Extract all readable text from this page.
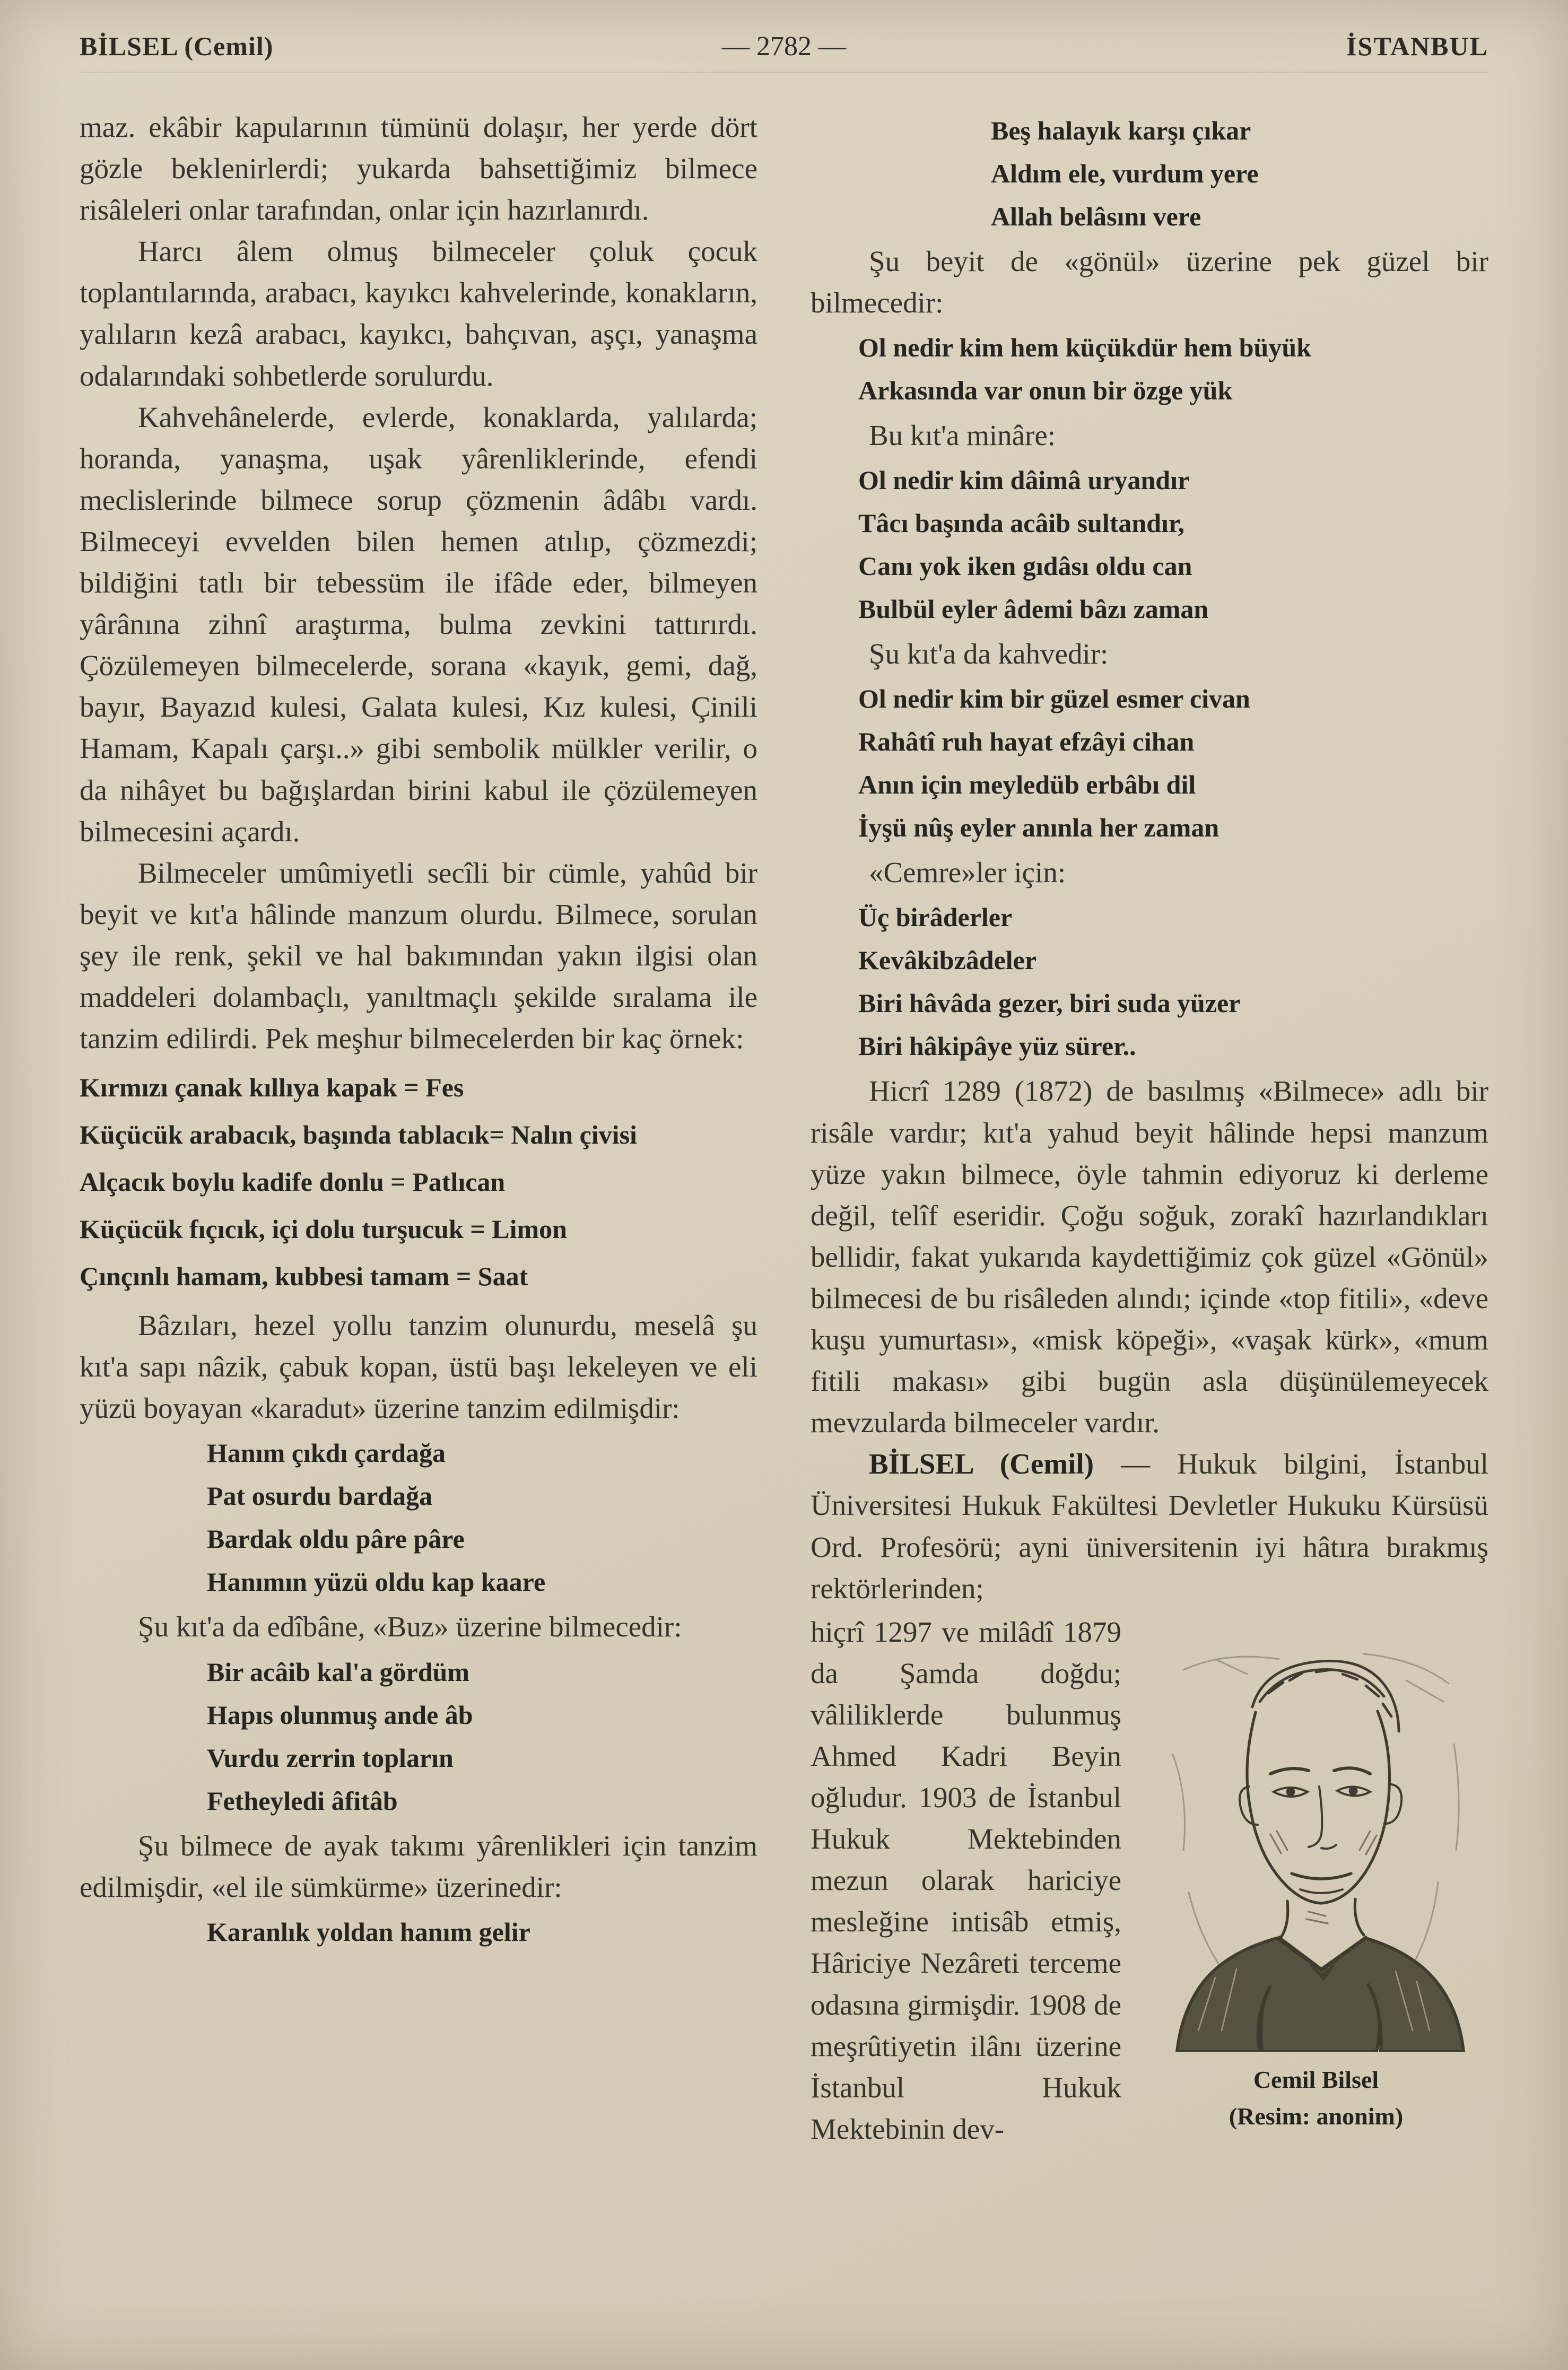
BİLSEL (Cemil)	— 2782 —	İSTANBUL

maz. ekâbir kapularının tümünü dolaşır, her yerde dört gözle beklenirlerdi; yukarda bahsettiğimiz bilmece risâleleri onlar tarafından, onlar için hazırlanırdı.

Harcı âlem olmuş bilmeceler çoluk çocuk toplantılarında, arabacı, kayıkcı kahvelerinde, konakların, yalıların kezâ arabacı, kayıkcı, bahçıvan, aşçı, yanaşma odalarındaki sohbetlerde sorulurdu.

Kahvehânelerde, evlerde, konaklarda, yalılarda; horanda, yanaşma, uşak yârenliklerinde, efendi meclislerinde bilmece sorup çözmenin âdâbı vardı. Bilmeceyi evvelden bilen hemen atılıp, çözmezdi; bildiğini tatlı bir tebessüm ile ifâde eder, bilmeyen yârânına zihnî araştırma, bulma zevkini tattırırdı. Çözülemeyen bilmecelerde, sorana «kayık, gemi, dağ, bayır, Bayazıd kulesi, Galata kulesi, Kız kulesi, Çinili Hamam, Kapalı çarşı..» gibi sembolik mülkler verilir, o da nihâyet bu bağışlardan birini kabul ile çözülemeyen bilmecesini açardı.

Bilmeceler umûmiyetli secîli bir cümle, yahûd bir beyit ve kıt'a hâlinde manzum olurdu. Bilmece, sorulan şey ile renk, şekil ve hal bakımından yakın ilgisi olan maddeleri dolambaçlı, yanıltmaçlı şekilde sıralama ile tanzim edilirdi. Pek meşhur bilmecelerden bir kaç örnek:

Kırmızı çanak kıllıya kapak = Fes

Küçücük arabacık, başında tablacık= Nalın çivisi

Alçacık boylu kadife donlu = Patlıcan

Küçücük fıçıcık, içi dolu turşucuk = Limon

Çınçınlı hamam, kubbesi tamam = Saat

Bâzıları, hezel yollu tanzim olunurdu, meselâ şu kıt'a sapı nâzik, çabuk kopan, üstü başı lekeleyen ve eli yüzü boyayan «karadut» üzerine tanzim edilmişdir:

Hanım çıkdı çardağa

Pat osurdu bardağa

Bardak oldu pâre pâre

Hanımın yüzü oldu kap kaare

Şu kıt'a da edîbâne, «Buz» üzerine bilmecedir:

Bir acâib kal'a gördüm

Hapıs olunmuş ande âb

Vurdu zerrin topların

Fetheyledi âfitâb

Şu bilmece de ayak takımı yârenlikleri için tanzim edilmişdir, «el ile sümkürme» üzerinedir:

Karanlık yoldan hanım gelir

Beş halayık karşı çıkar

Aldım ele, vurdum yere

Allah belâsını vere

Şu beyit de «gönül» üzerine pek güzel bir bilmecedir:

Ol nedir kim hem küçükdür hem büyük

Arkasında var onun bir özge yük

Bu kıt'a minâre:

Ol nedir kim dâimâ uryandır

Tâcı başında acâib sultandır,

Canı yok iken gıdâsı oldu can

Bulbül eyler âdemi bâzı zaman

Şu kıt'a da kahvedir:

Ol nedir kim bir güzel esmer civan

Rahâtî ruh hayat efzâyi cihan

Anın için meyledüb erbâbı dil

İyşü nûş eyler anınla her zaman

«Cemre»ler için:

Üç birâderler

Kevâkibzâdeler

Biri hâvâda gezer, biri suda yüzer

Biri hâkipâye yüz sürer..

Hicrî 1289 (1872) de basılmış «Bilmece» adlı bir risâle vardır; kıt'a yahud beyit hâlinde hepsi manzum yüze yakın bilmece, öyle tahmin ediyoruz ki derleme değil, telîf eseridir. Çoğu soğuk, zorakî hazırlandıkları bellidir, fakat yukarıda kaydettiğimiz çok güzel «Gönül» bilmecesi de bu risâleden alındı; içinde «top fitili», «deve kuşu yumurtası», «misk köpeği», «vaşak kürk», «mum fitili makası» gibi bugün asla düşünülemeyecek mevzularda bilmeceler vardır.

BİLSEL (Cemil) — Hukuk bilgini, İstanbul Üniversitesi Hukuk Fakültesi Devletler Hukuku Kürsüsü Ord. Profesörü; ayni üniversitenin iyi hâtıra bırakmış rektörlerinden;

Cemil Bilsel
(Resim: anonim)

hiçrî 1297 ve milâdî 1879 da Şamda doğdu; vâliliklerde bulunmuş Ahmed Kadri Beyin oğludur. 1903 de İstanbul Hukuk Mektebinden mezun olarak hariciye mesleğine intisâb etmiş, Hâriciye Nezâreti terceme odasına girmişdir. 1908 de meşrûtiyetin ilânı üzerine İstanbul Hukuk Mektebinin dev-
